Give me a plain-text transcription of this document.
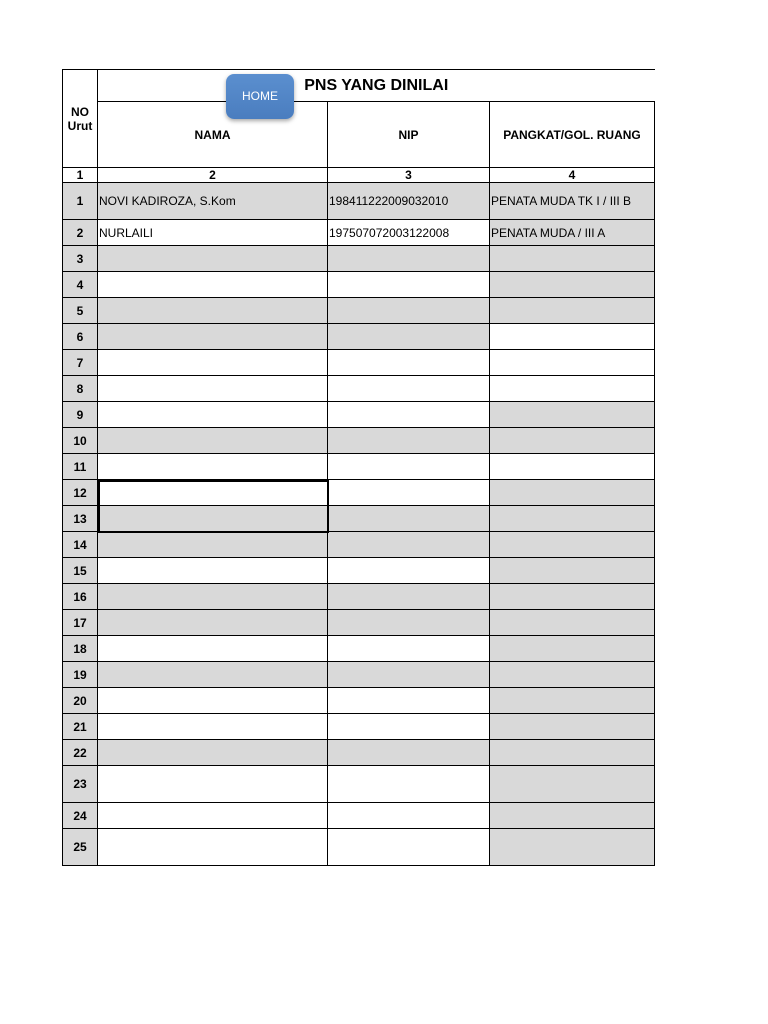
NO
Urut	PNS YANG DINILAI		
	NAMA	NIP	PANGKAT/GOL. RUANG
1	2	3	4
1	NOVI KADIROZA, S.Kom	198411222009032010	PENATA MUDA TK I / III B
2	NURLAILI	197507072003122008	PENATA MUDA / III A
3			
4			
5			
6			
7			
8			
9			
10			
11			
12			
13			
14			
15			
16			
17			
18			
19			
20			
21			
22			
23			
24			
25			
HOME
